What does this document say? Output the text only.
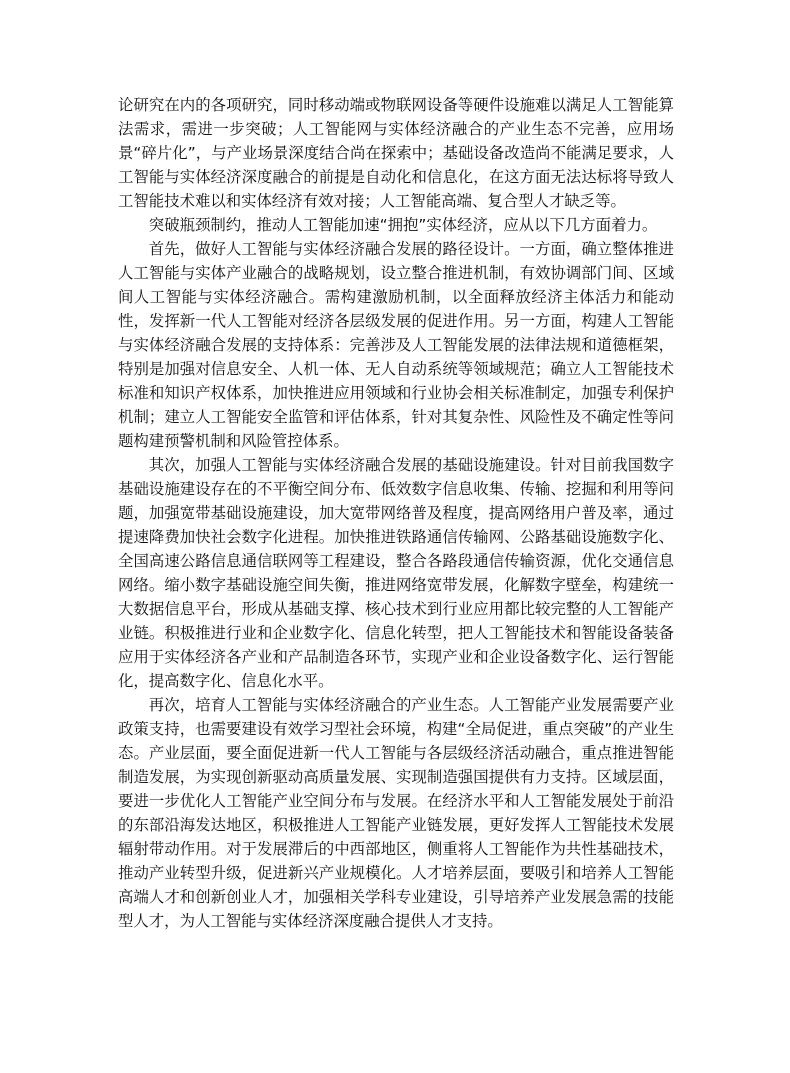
论研究在内的各项研究，同时移动端或物联网设备等硬件设施难以满足人工智能算法需求，需进一步突破；人工智能网与实体经济融合的产业生态不完善，应用场景“碎片化”，与产业场景深度结合尚在探索中；基础设备改造尚不能满足要求，人工智能与实体经济深度融合的前提是自动化和信息化，在这方面无法达标将导致人工智能技术难以和实体经济有效对接；人工智能高端、复合型人才缺乏等。

突破瓶颈制约，推动人工智能加速“拥抱”实体经济，应从以下几方面着力。

首先，做好人工智能与实体经济融合发展的路径设计。一方面，确立整体推进人工智能与实体产业融合的战略规划，设立整合推进机制，有效协调部门间、区域间人工智能与实体经济融合。需构建激励机制，以全面释放经济主体活力和能动性，发挥新一代人工智能对经济各层级发展的促进作用。另一方面，构建人工智能与实体经济融合发展的支持体系：完善涉及人工智能发展的法律法规和道德框架，特别是加强对信息安全、人机一体、无人自动系统等领域规范；确立人工智能技术标准和知识产权体系，加快推进应用领域和行业协会相关标准制定，加强专利保护机制；建立人工智能安全监管和评估体系，针对其复杂性、风险性及不确定性等问题构建预警机制和风险管控体系。

其次，加强人工智能与实体经济融合发展的基础设施建设。针对目前我国数字基础设施建设存在的不平衡空间分布、低效数字信息收集、传输、挖掘和利用等问题，加强宽带基础设施建设，加大宽带网络普及程度，提高网络用户普及率，通过提速降费加快社会数字化进程。加快推进铁路通信传输网、公路基础设施数字化、全国高速公路信息通信联网等工程建设，整合各路段通信传输资源，优化交通信息网络。缩小数字基础设施空间失衡，推进网络宽带发展，化解数字壁垒，构建统一大数据信息平台，形成从基础支撑、核心技术到行业应用都比较完整的人工智能产业链。积极推进行业和企业数字化、信息化转型，把人工智能技术和智能设备装备应用于实体经济各产业和产品制造各环节，实现产业和企业设备数字化、运行智能化，提高数字化、信息化水平。

再次，培育人工智能与实体经济融合的产业生态。人工智能产业发展需要产业政策支持，也需要建设有效学习型社会环境，构建“全局促进，重点突破”的产业生态。产业层面，要全面促进新一代人工智能与各层级经济活动融合，重点推进智能制造发展，为实现创新驱动高质量发展、实现制造强国提供有力支持。区域层面，要进一步优化人工智能产业空间分布与发展。在经济水平和人工智能发展处于前沿的东部沿海发达地区，积极推进人工智能产业链发展，更好发挥人工智能技术发展辐射带动作用。对于发展滞后的中西部地区，侧重将人工智能作为共性基础技术，推动产业转型升级，促进新兴产业规模化。人才培养层面，要吸引和培养人工智能高端人才和创新创业人才，加强相关学科专业建设，引导培养产业发展急需的技能型人才，为人工智能与实体经济深度融合提供人才支持。
